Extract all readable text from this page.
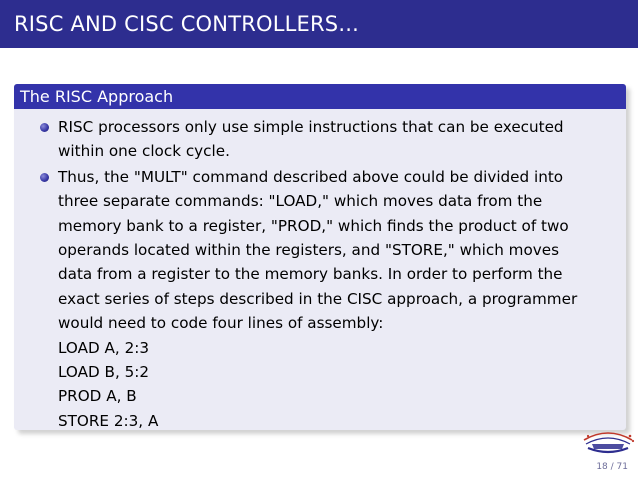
RISC AND CISC CONTROLLERS...
The RISC Approach
RISC processors only use simple instructions that can be executed
within one clock cycle.
Thus, the "MULT" command described above could be divided into
three separate commands: "LOAD," which moves data from the
memory bank to a register, "PROD," which finds the product of two
operands located within the registers, and "STORE," which moves
data from a register to the memory banks. In order to perform the
exact series of steps described in the CISC approach, a programmer
would need to code four lines of assembly:
LOAD A, 2:3
LOAD B, 5:2
PROD A, B
STORE 2:3, A
18 / 71
